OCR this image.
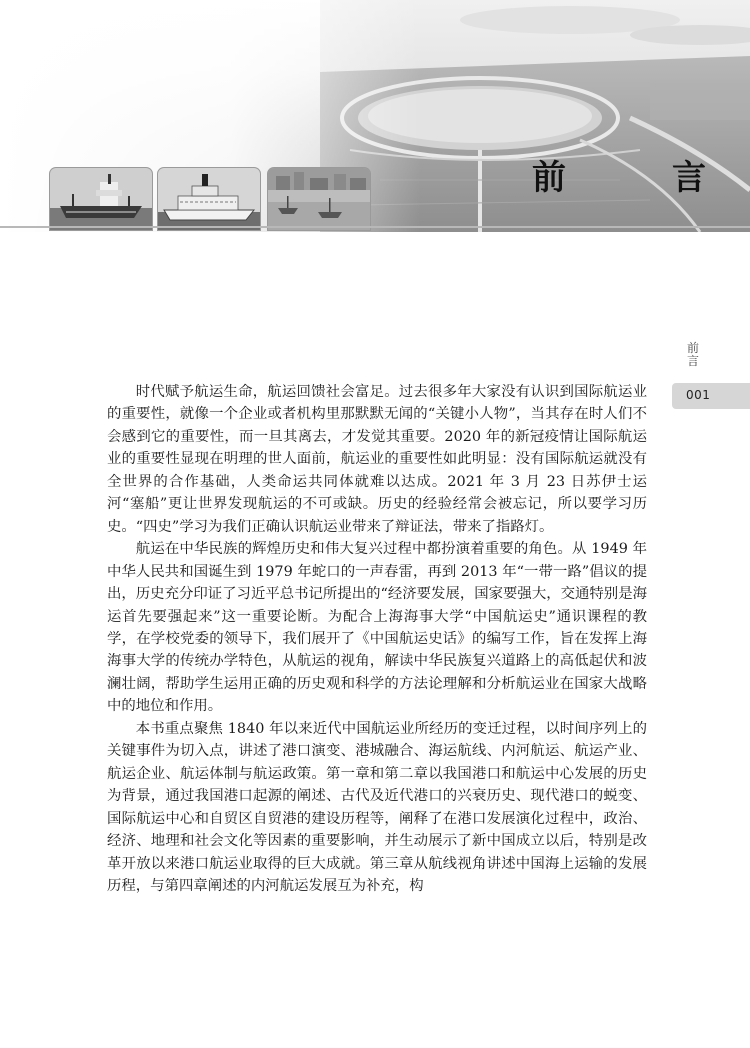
前　言
前言
001

时代赋予航运生命，航运回馈社会富足。过去很多年大家没有认识到国际航运业的重要性，就像一个企业或者机构里那默默无闻的“关键小人物”，当其存在时人们不会感到它的重要性，而一旦其离去，才发觉其重要。2020 年的新冠疫情让国际航运业的重要性显现在明理的世人面前，航运业的重要性如此明显：没有国际航运就没有全世界的合作基础，人类命运共同体就难以达成。2021 年 3 月 23 日苏伊士运河“塞船”更让世界发现航运的不可或缺。历史的经验经常会被忘记，所以要学习历史。“四史”学习为我们正确认识航运业带来了辩证法，带来了指路灯。

航运在中华民族的辉煌历史和伟大复兴过程中都扮演着重要的角色。从 1949 年中华人民共和国诞生到 1979 年蛇口的一声春雷，再到 2013 年“一带一路”倡议的提出，历史充分印证了习近平总书记所提出的“经济要发展，国家要强大，交通特别是海运首先要强起来”这一重要论断。为配合上海海事大学“中国航运史”通识课程的教学，在学校党委的领导下，我们展开了《中国航运史话》的编写工作，旨在发挥上海海事大学的传统办学特色，从航运的视角，解读中华民族复兴道路上的高低起伏和波澜壮阔，帮助学生运用正确的历史观和科学的方法论理解和分析航运业在国家大战略中的地位和作用。

本书重点聚焦 1840 年以来近代中国航运业所经历的变迁过程，以时间序列上的关键事件为切入点，讲述了港口演变、港城融合、海运航线、内河航运、航运产业、航运企业、航运体制与航运政策。第一章和第二章以我国港口和航运中心发展的历史为背景，通过我国港口起源的阐述、古代及近代港口的兴衰历史、现代港口的蜕变、国际航运中心和自贸区自贸港的建设历程等，阐释了在港口发展演化过程中，政治、经济、地理和社会文化等因素的重要影响，并生动展示了新中国成立以后，特别是改革开放以来港口航运业取得的巨大成就。第三章从航线视角讲述中国海上运输的发展历程，与第四章阐述的内河航运发展互为补充，构
